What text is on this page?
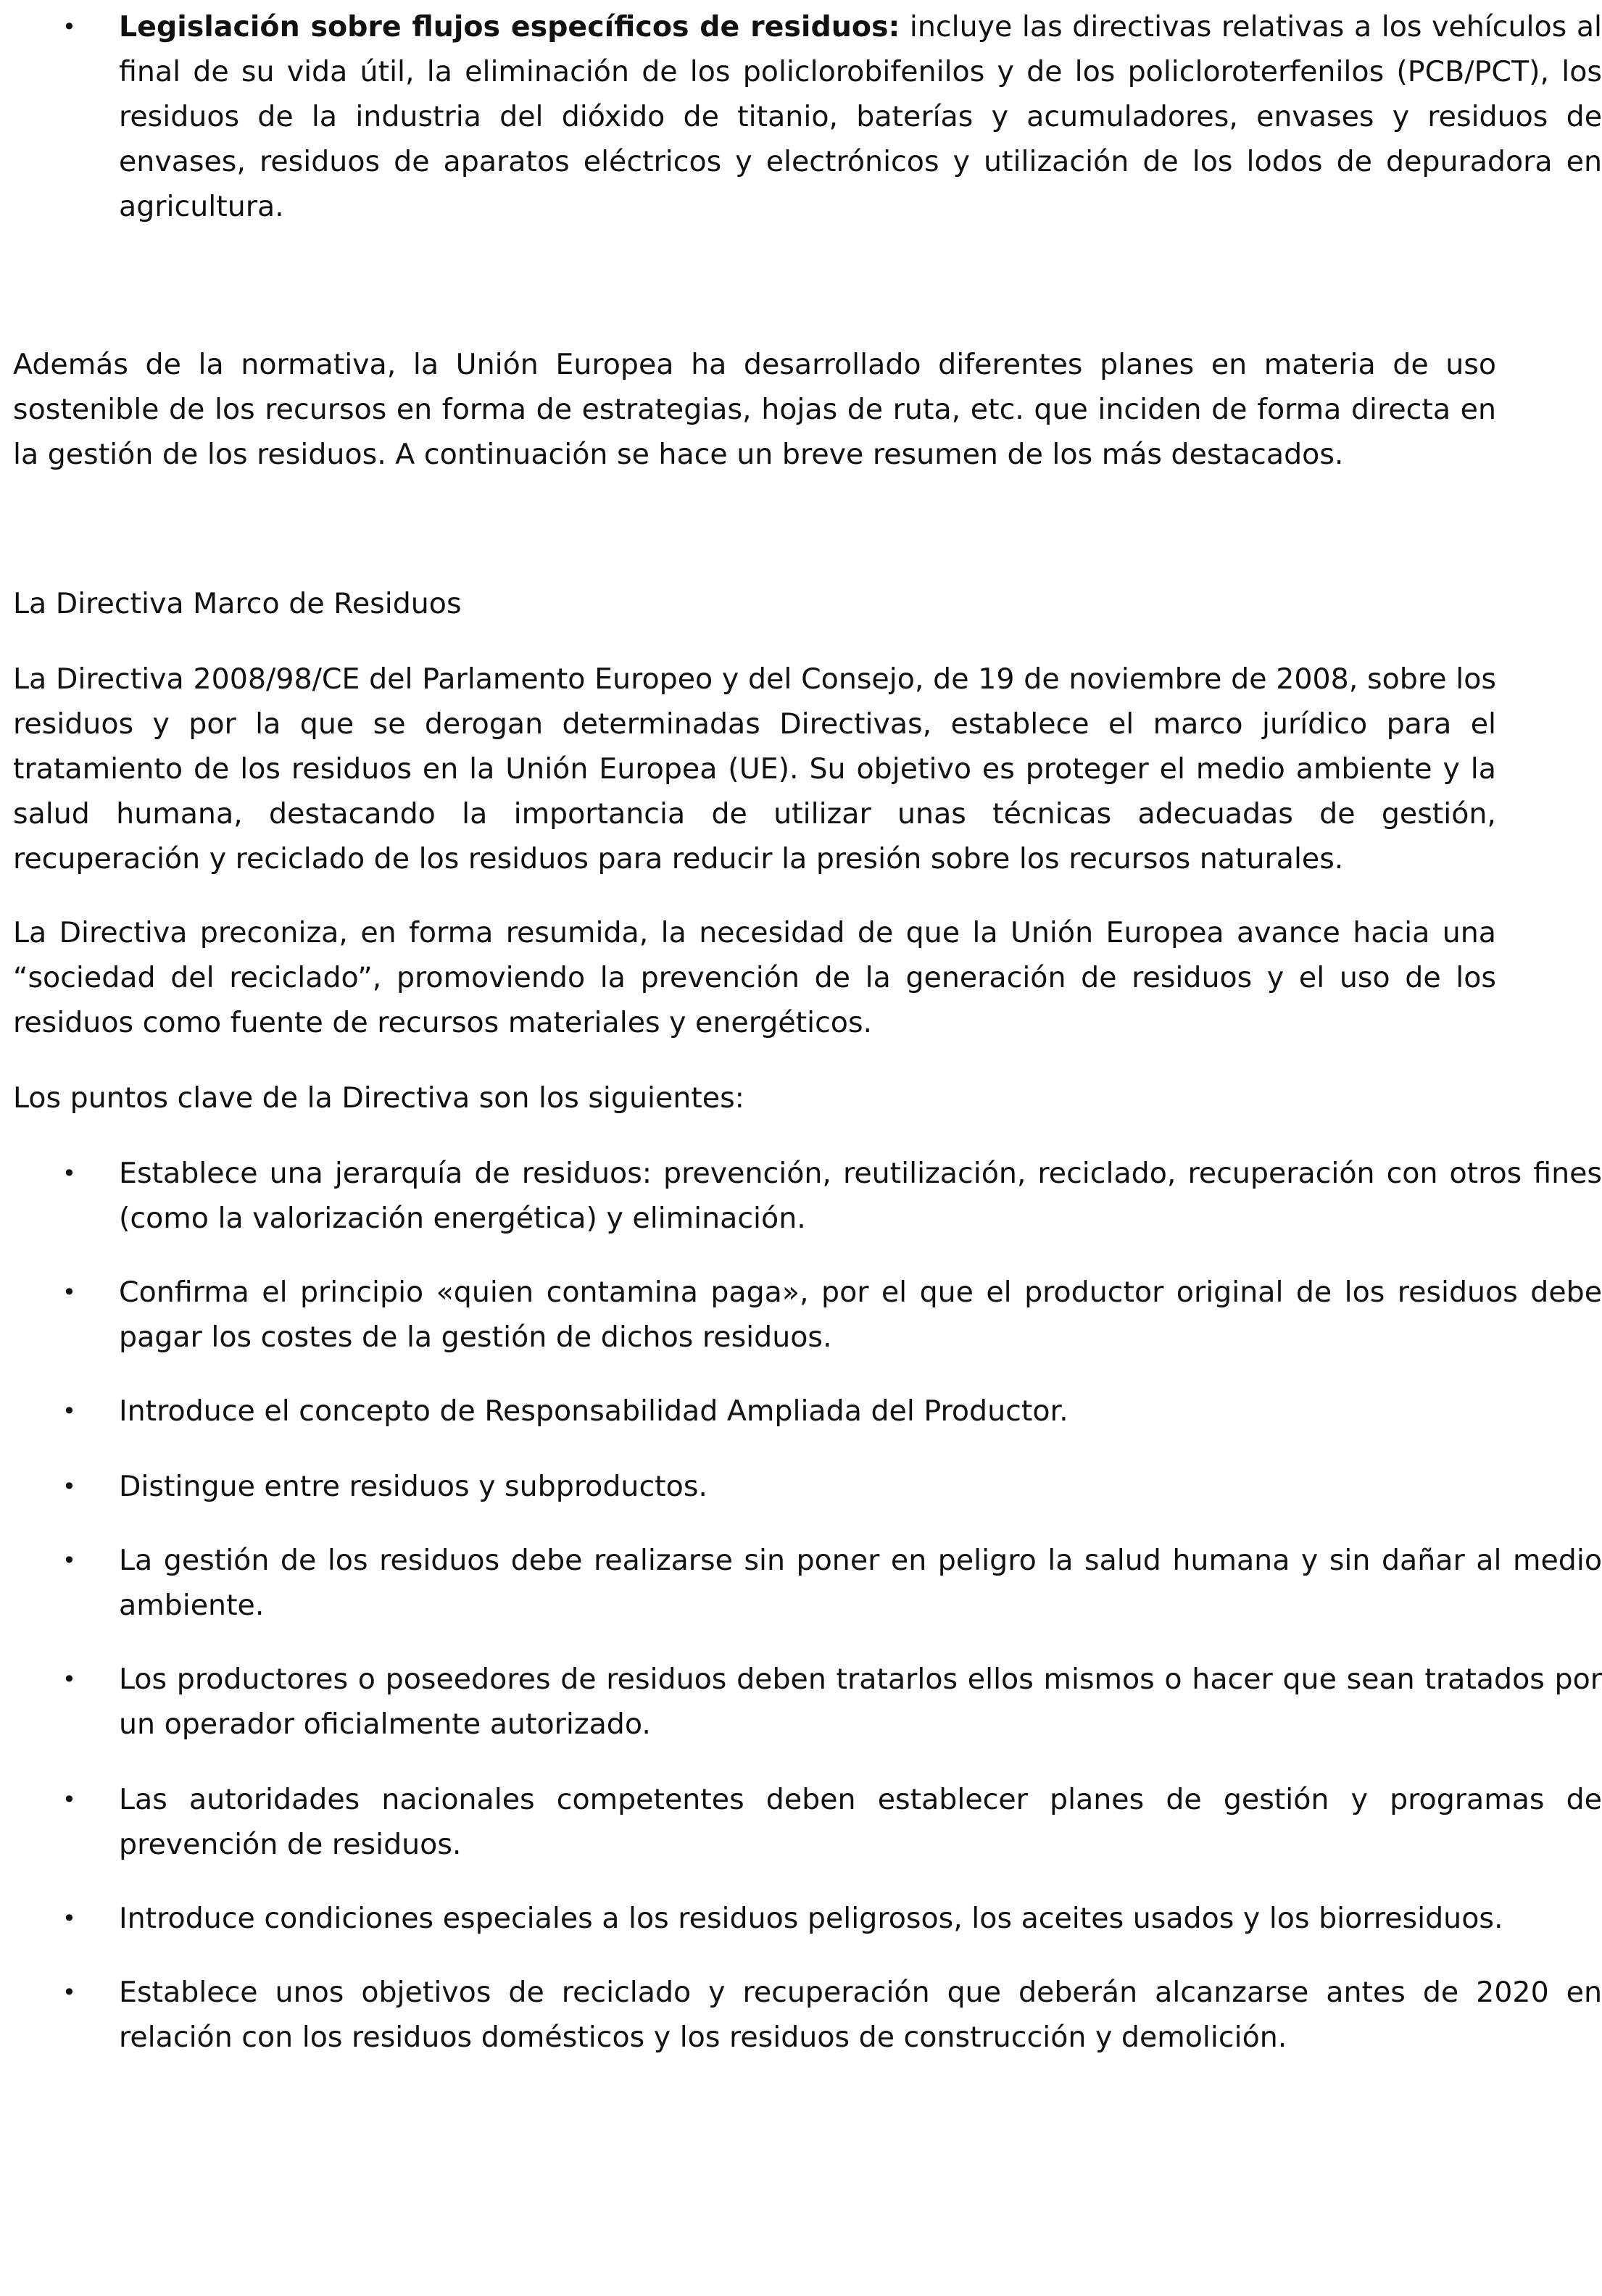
• Legislación sobre flujos específicos de residuos: incluye las directivas relativas a los vehículos al final de su vida útil, la eliminación de los policlorobifenilos y de los policloroterfenilos (PCB/PCT), los residuos de la industria del dióxido de titanio, baterías y acumuladores, envases y residuos de envases, residuos de aparatos eléctricos y electrónicos y utilización de los lodos de depuradora en agricultura.

Además de la normativa, la Unión Europea ha desarrollado diferentes planes en materia de uso sostenible de los recursos en forma de estrategias, hojas de ruta, etc. que inciden de forma directa en la gestión de los residuos. A continuación se hace un breve resumen de los más destacados.

La Directiva Marco de Residuos

La Directiva 2008/98/CE del Parlamento Europeo y del Consejo, de 19 de noviembre de 2008, sobre los residuos y por la que se derogan determinadas Directivas, establece el marco jurídico para el tratamiento de los residuos en la Unión Europea (UE). Su objetivo es proteger el medio ambiente y la salud humana, destacando la importancia de utilizar unas técnicas adecuadas de gestión, recuperación y reciclado de los residuos para reducir la presión sobre los recursos naturales.

La Directiva preconiza, en forma resumida, la necesidad de que la Unión Europea avance hacia una “sociedad del reciclado”, promoviendo la prevención de la generación de residuos y el uso de los residuos como fuente de recursos materiales y energéticos.

Los puntos clave de la Directiva son los siguientes:

• Establece una jerarquía de residuos: prevención, reutilización, reciclado, recuperación con otros fines (como la valorización energética) y eliminación.

• Confirma el principio «quien contamina paga», por el que el productor original de los residuos debe pagar los costes de la gestión de dichos residuos.

• Introduce el concepto de Responsabilidad Ampliada del Productor.

• Distingue entre residuos y subproductos.

• La gestión de los residuos debe realizarse sin poner en peligro la salud humana y sin dañar al medio ambiente.

• Los productores o poseedores de residuos deben tratarlos ellos mismos o hacer que sean tratados por un operador oficialmente autorizado.

• Las autoridades nacionales competentes deben establecer planes de gestión y programas de prevención de residuos.

• Introduce condiciones especiales a los residuos peligrosos, los aceites usados y los biorresiduos.

• Establece unos objetivos de reciclado y recuperación que deberán alcanzarse antes de 2020 en relación con los residuos domésticos y los residuos de construcción y demolición.
